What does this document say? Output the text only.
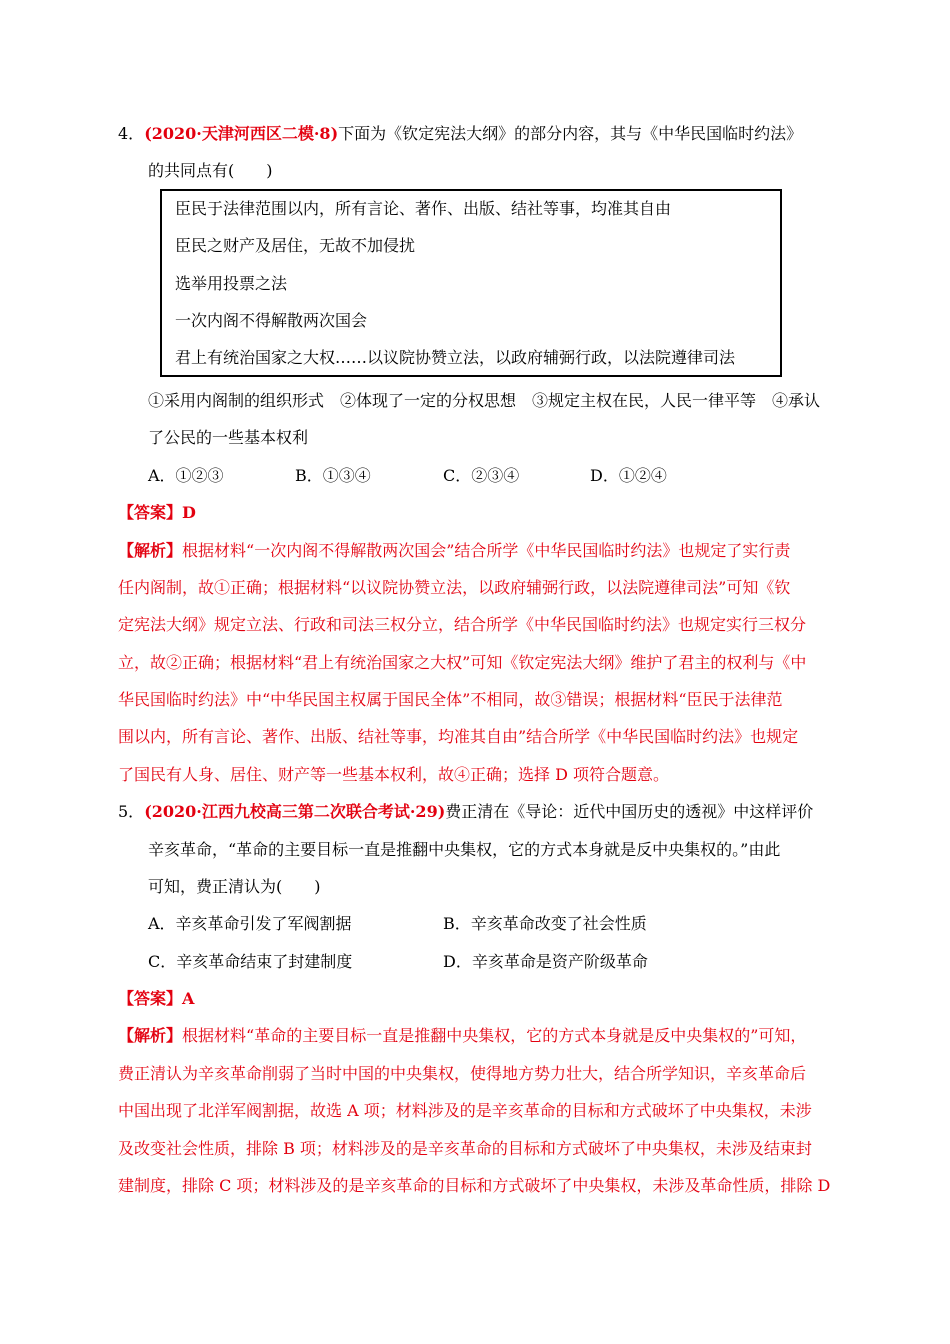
4．(2020·天津河西区二模·8)下面为《钦定宪法大纲》的部分内容，其与《中华民国临时约法》
的共同点有(　　)
臣民于法律范围以内，所有言论、著作、出版、结社等事，均准其自由
臣民之财产及居住，无故不加侵扰
选举用投票之法
一次内阁不得解散两次国会
君上有统治国家之大权……以议院协赞立法，以政府辅弼行政，以法院遵律司法
①采用内阁制的组织形式　②体现了一定的分权思想　③规定主权在民，人民一律平等　④承认
了公民的一些基本权利
A．①②③	B．①③④	C．②③④	D．①②④
【答案】D
【解析】根据材料“一次内阁不得解散两次国会”结合所学《中华民国临时约法》也规定了实行责
任内阁制，故①正确；根据材料“以议院协赞立法，以政府辅弼行政，以法院遵律司法”可知《钦
定宪法大纲》规定立法、行政和司法三权分立，结合所学《中华民国临时约法》也规定实行三权分
立，故②正确；根据材料“君上有统治国家之大权”可知《钦定宪法大纲》维护了君主的权利与《中
华民国临时约法》中“中华民国主权属于国民全体”不相同，故③错误；根据材料“臣民于法律范
围以内，所有言论、著作、出版、结社等事，均准其自由”结合所学《中华民国临时约法》也规定
了国民有人身、居住、财产等一些基本权利，故④正确；选择 D 项符合题意。
5．(2020·江西九校高三第二次联合考试·29)费正清在《导论：近代中国历史的透视》中这样评价
辛亥革命，“革命的主要目标一直是推翻中央集权，它的方式本身就是反中央集权的。”由此
可知，费正清认为(　　)
A．辛亥革命引发了军阀割据	B．辛亥革命改变了社会性质
C．辛亥革命结束了封建制度	D．辛亥革命是资产阶级革命
【答案】A
【解析】根据材料“革命的主要目标一直是推翻中央集权，它的方式本身就是反中央集权的”可知，
费正清认为辛亥革命削弱了当时中国的中央集权，使得地方势力壮大，结合所学知识，辛亥革命后
中国出现了北洋军阀割据，故选 A 项；材料涉及的是辛亥革命的目标和方式破坏了中央集权，未涉
及改变社会性质，排除 B 项；材料涉及的是辛亥革命的目标和方式破坏了中央集权，未涉及结束封
建制度，排除 C 项；材料涉及的是辛亥革命的目标和方式破坏了中央集权，未涉及革命性质，排除 D
